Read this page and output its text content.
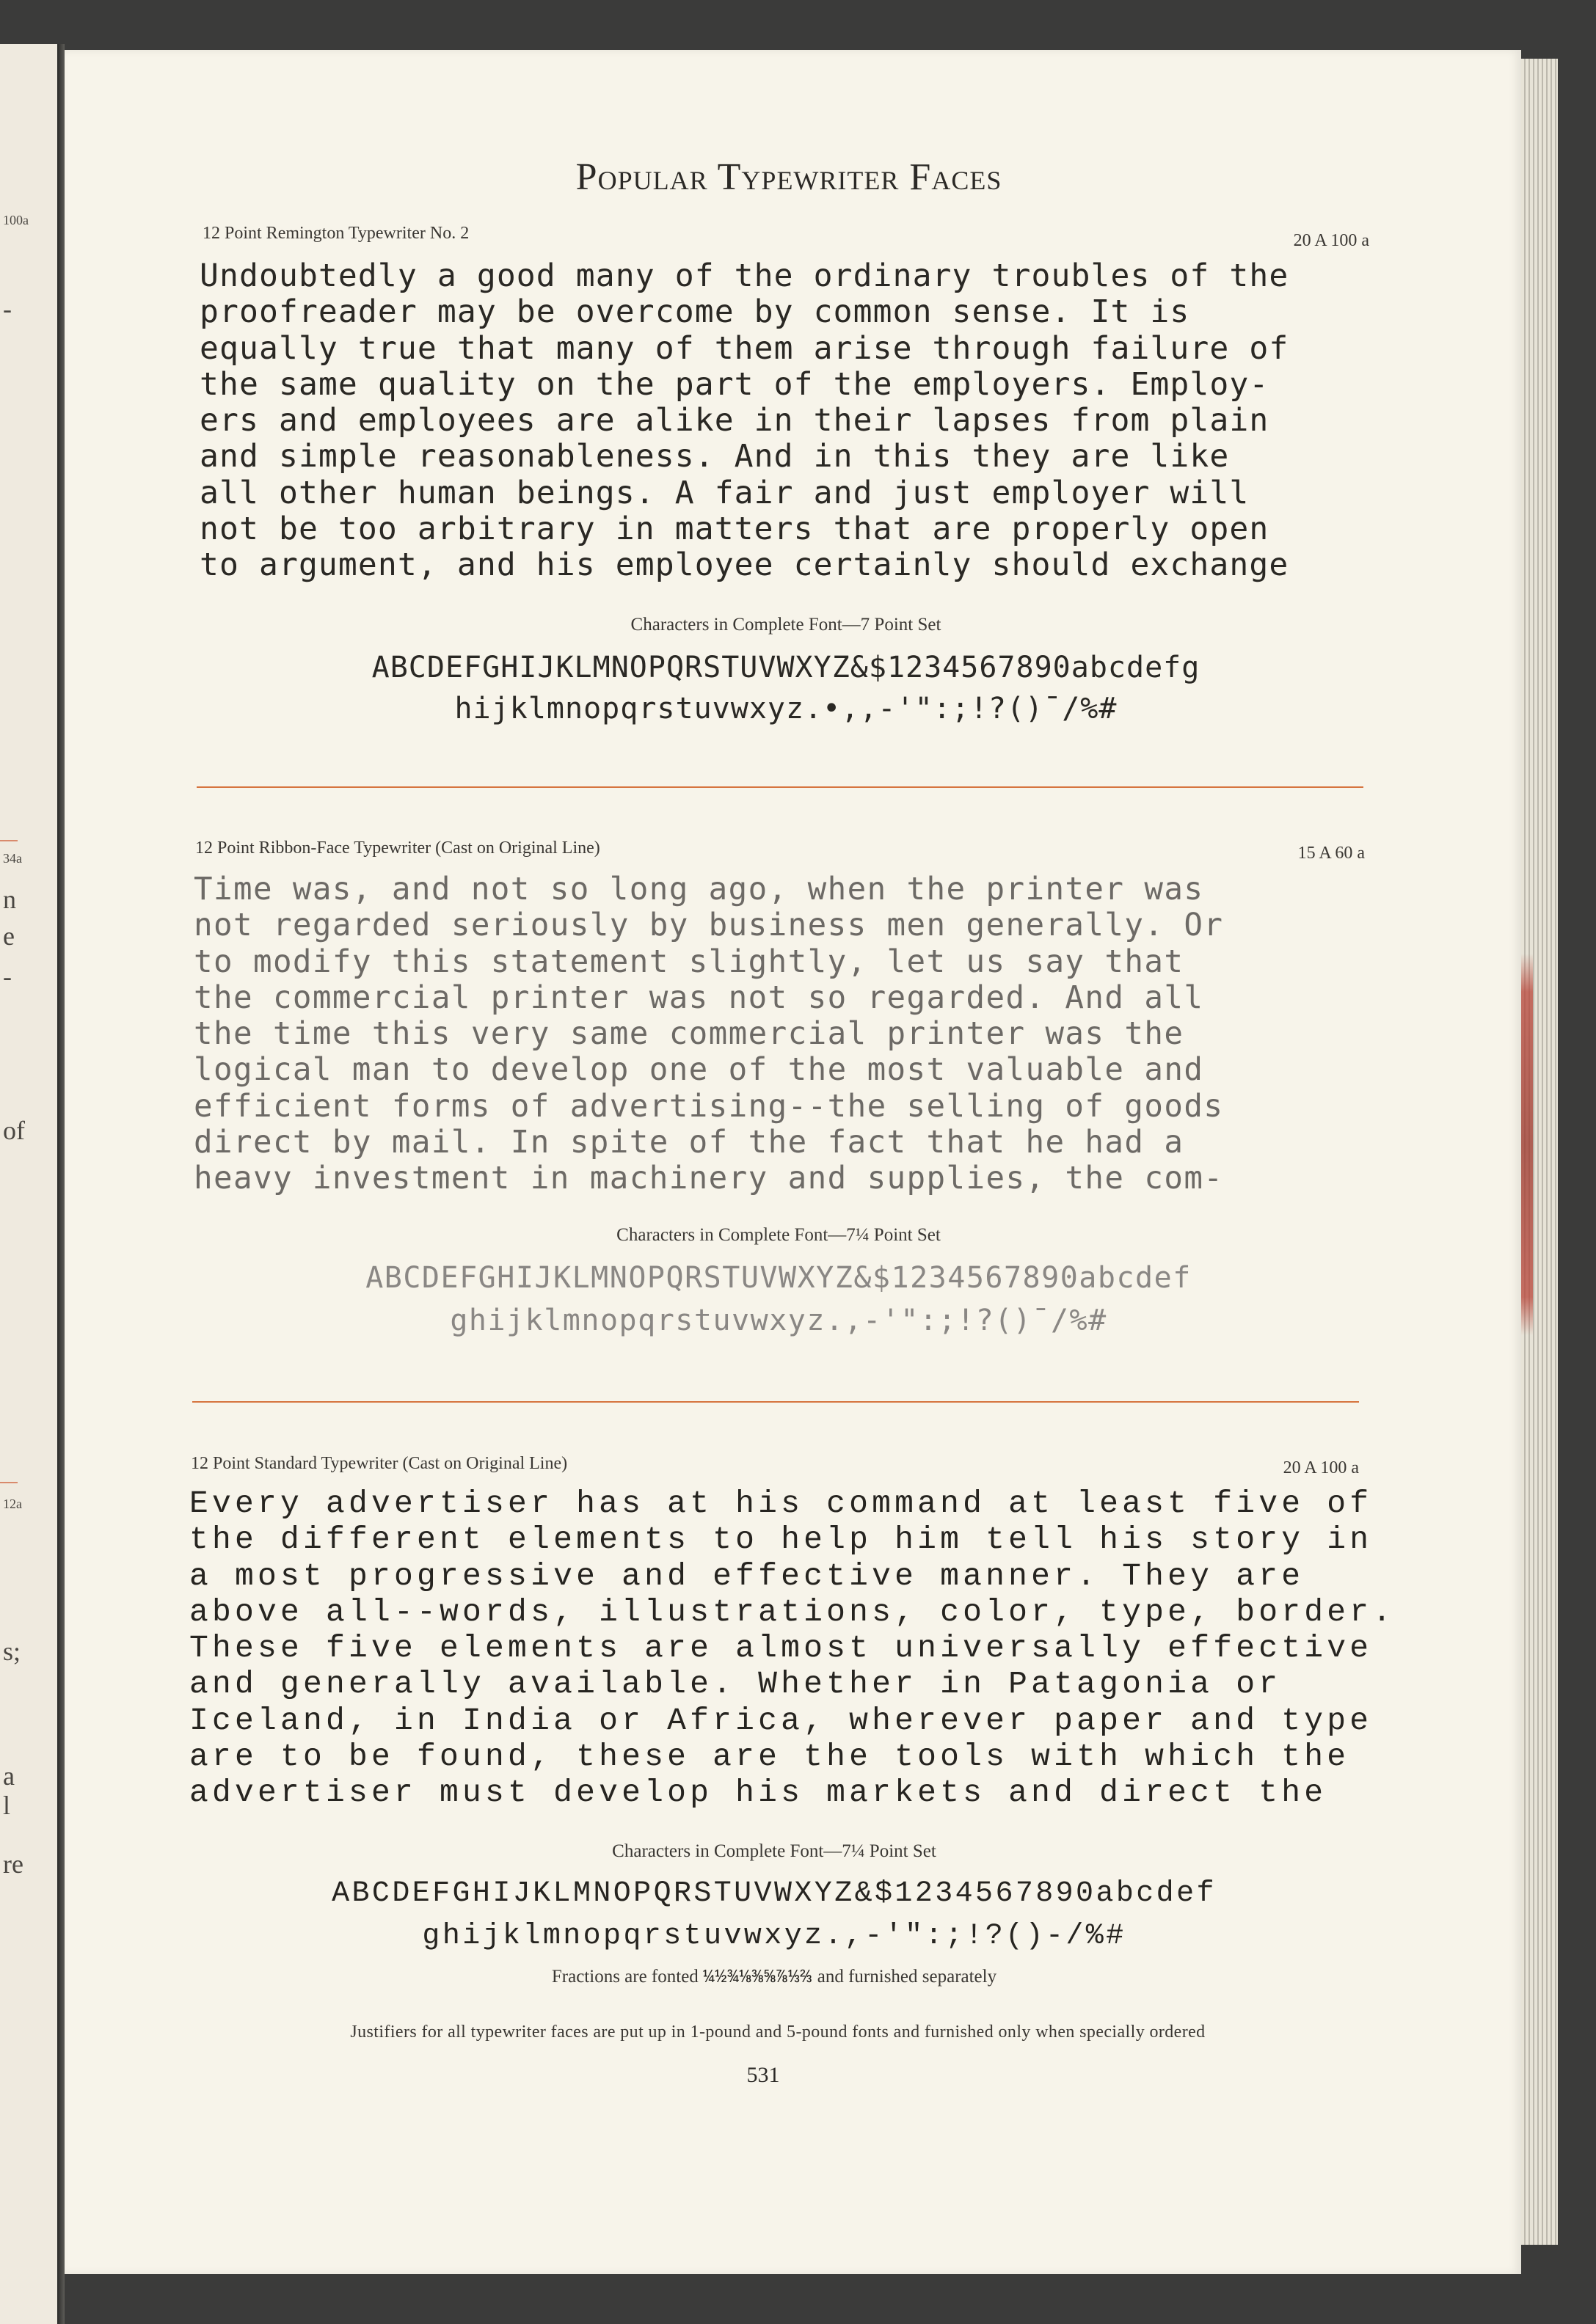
100a
-
34a
n
e
-
of
12a
s;
a
l
re
Popular Typewriter Faces
12 Point Remington Typewriter No. 2	20 A 100 a

Undoubtedly a good many of the ordinary troubles of the

proofreader may be overcome by common sense. It is

equally true that many of them arise through failure of

the same quality on the part of the employers. Employ-

ers and employees are alike in their lapses from plain

and simple reasonableness. And in this they are like

all other human beings. A fair and just employer will

not be too arbitrary in matters that are properly open

to argument, and his employee certainly should exchange

Characters in Complete Font—7 Point Set

ABCDEFGHIJKLMNOPQRSTUVWXYZ&$1234567890abcdefg

hijklmnopqrstuvwxyz.•,,-'":;!?()¯/%#

12 Point Ribbon-Face Typewriter (Cast on Original Line)	15 A 60 a

Time was, and not so long ago, when the printer was

not regarded seriously by business men generally. Or

to modify this statement slightly, let us say that

the commercial printer was not so regarded. And all

the time this very same commercial printer was the

logical man to develop one of the most valuable and

efficient forms of advertising--the selling of goods

direct by mail. In spite of the fact that he had a

heavy investment in machinery and supplies, the com-

Characters in Complete Font—7¼ Point Set

ABCDEFGHIJKLMNOPQRSTUVWXYZ&$1234567890abcdef

ghijklmnopqrstuvwxyz.,-'":;!?()¯/%#

12 Point Standard Typewriter (Cast on Original Line)	20 A 100 a

Every advertiser has at his command at least five of

the different elements to help him tell his story in

a most progressive and effective manner. They are

above all--words, illustrations, color, type, border.

These five elements are almost universally effective

and generally available. Whether in Patagonia or

Iceland, in India or Africa, wherever paper and type

are to be found, these are the tools with which the

advertiser must develop his markets and direct the

Characters in Complete Font—7¼ Point Set

ABCDEFGHIJKLMNOPQRSTUVWXYZ&$1234567890abcdef

ghijklmnopqrstuvwxyz.,-'":;!?()-/%#

Fractions are fonted ¼½¾⅛⅜⅝⅞⅓⅔ and furnished separately
Justifiers for all typewriter faces are put up in 1-pound and 5-pound fonts and furnished only when specially ordered
531
